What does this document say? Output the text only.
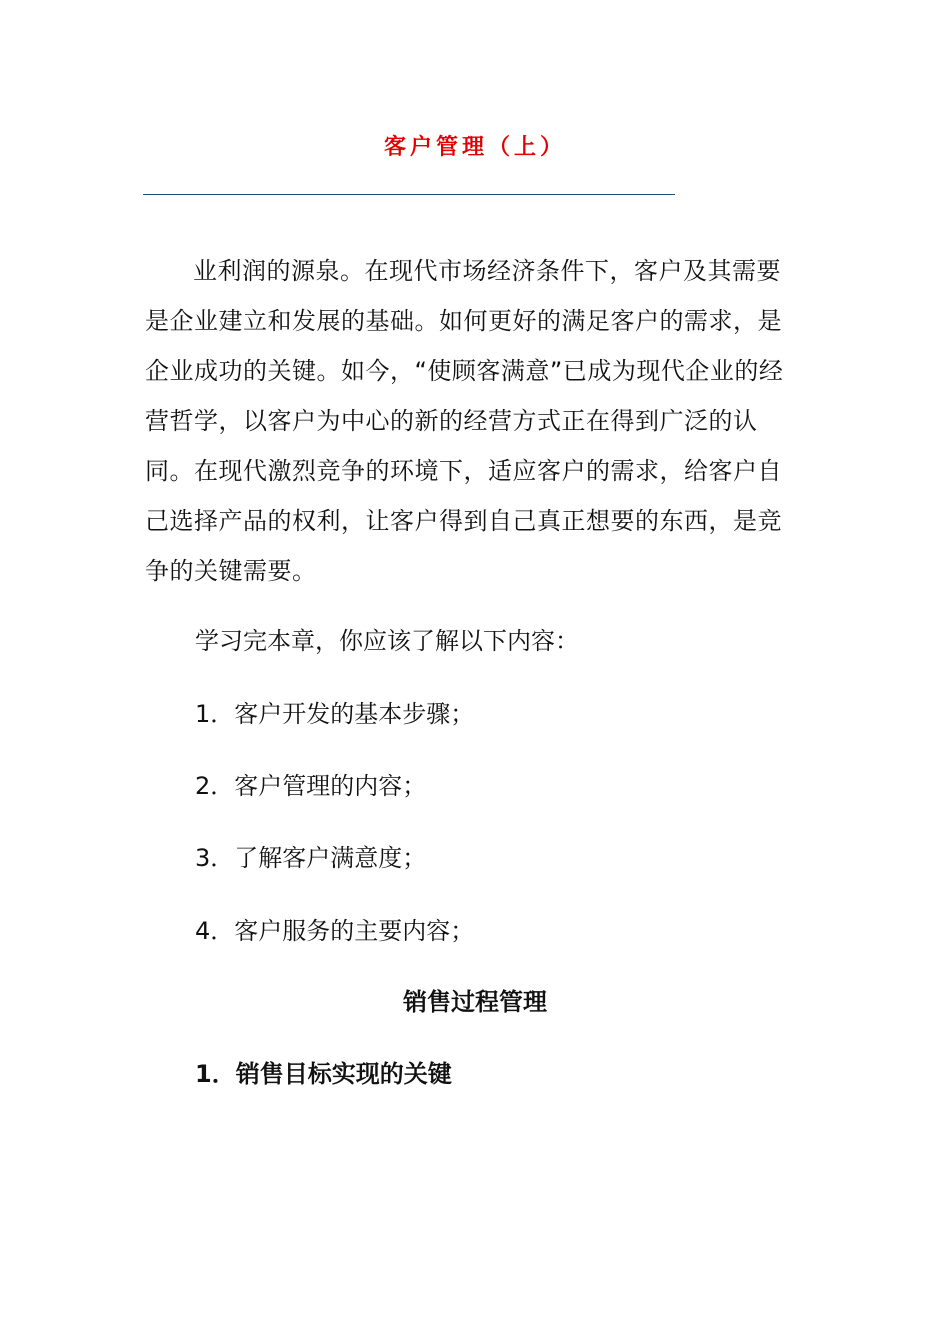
客户管理（上）
业利润的源泉。在现代市场经济条件下，客户及其需要是企业建立和发展的基础。如何更好的满足客户的需求，是企业成功的关键。如今，“使顾客满意”已成为现代企业的经营哲学，以客户为中心的新的经营方式正在得到广泛的认同。在现代激烈竞争的环境下，适应客户的需求，给客户自己选择产品的权利，让客户得到自己真正想要的东西，是竞争的关键需要。
学习完本章，你应该了解以下内容：
1．客户开发的基本步骤；
2．客户管理的内容；
3．了解客户满意度；
4．客户服务的主要内容；
销售过程管理
1．销售目标实现的关键
